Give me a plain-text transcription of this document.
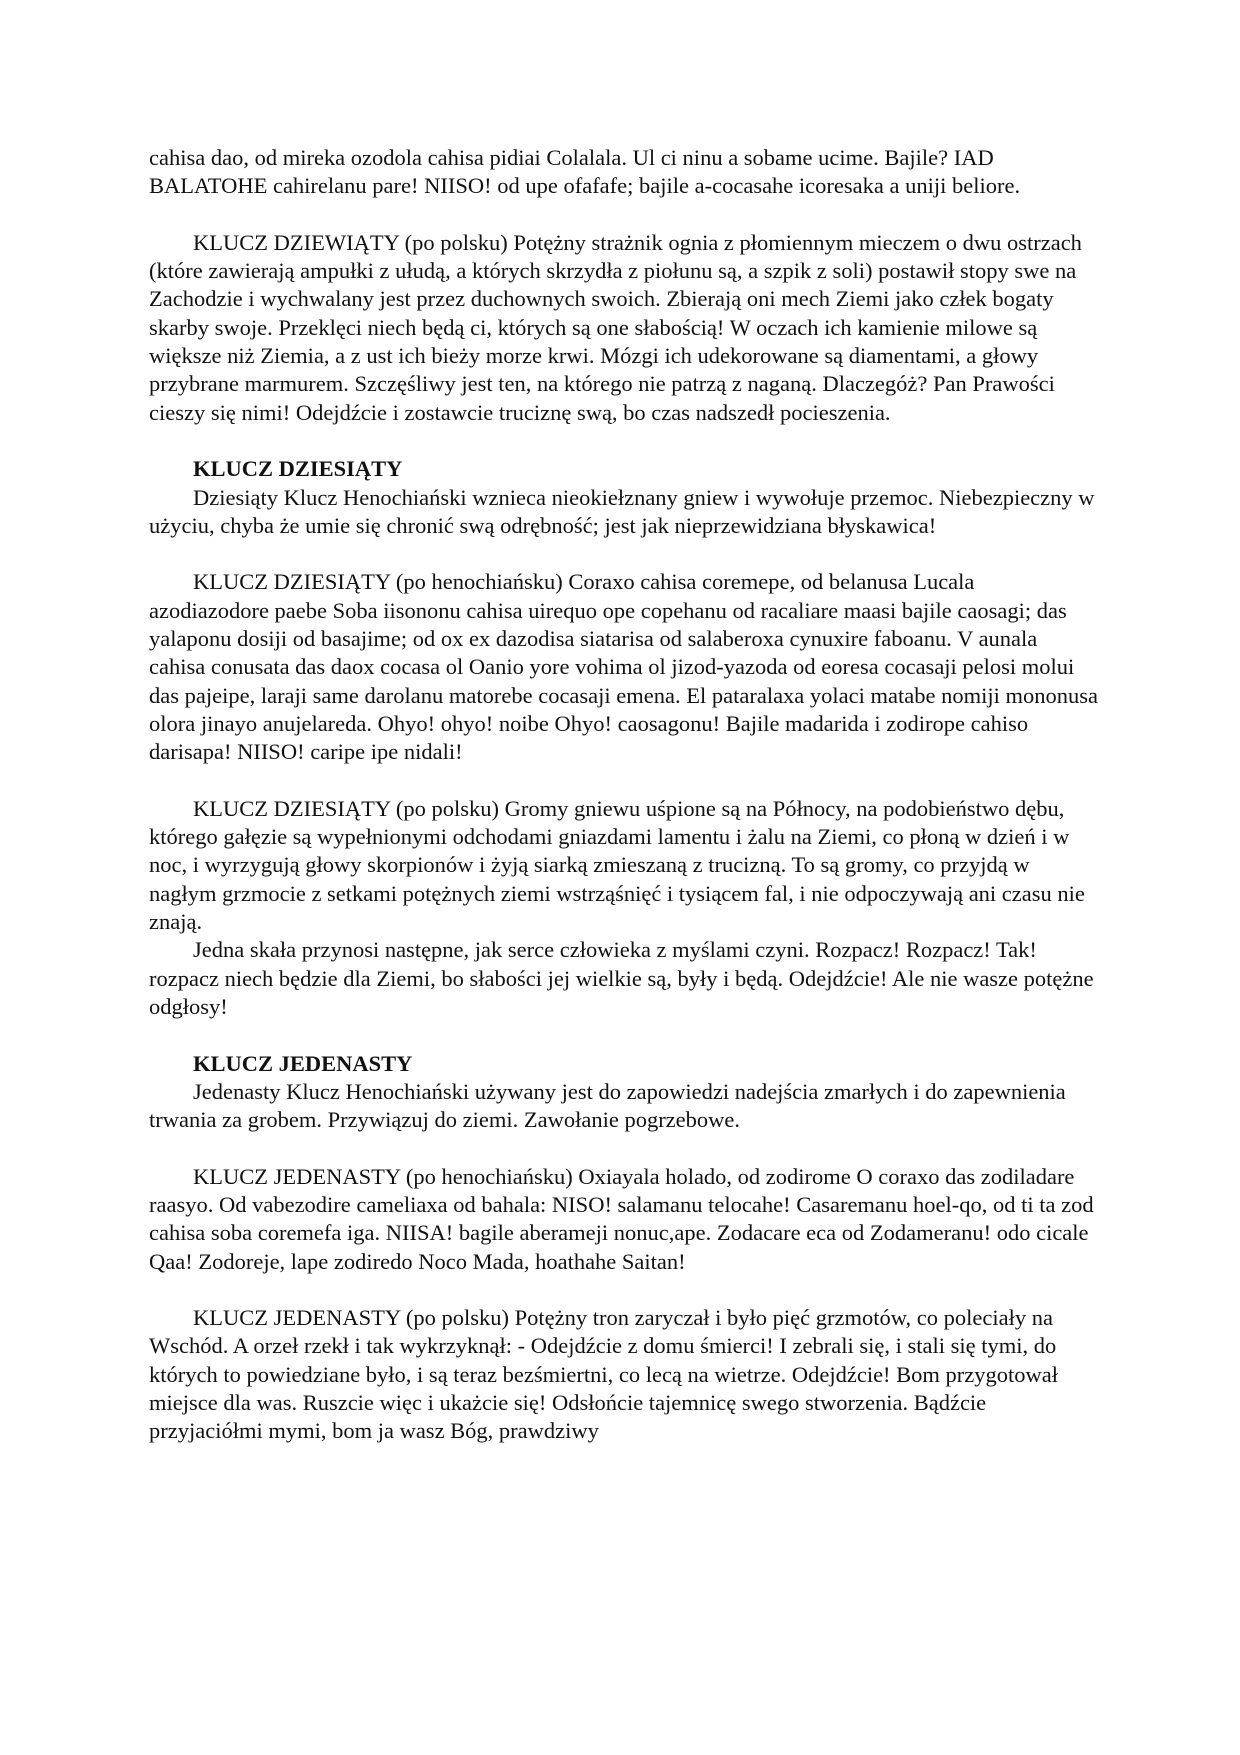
cahisa dao, od mireka ozodola cahisa pidiai Colalala. Ul ci ninu a sobame ucime. Bajile? IAD BALATOHE cahirelanu pare! NIISO! od upe ofafafe; bajile a-cocasahe icoresaka a uniji beliore.

KLUCZ DZIEWIĄTY (po polsku) Potężny strażnik ognia z płomiennym mieczem o dwu ostrzach (które zawierają ampułki z ułudą, a których skrzydła z piołunu są, a szpik z soli) postawił stopy swe na Zachodzie i wychwalany jest przez duchownych swoich. Zbierają oni mech Ziemi jako człek bogaty skarby swoje. Przeklęci niech będą ci, których są one słabością! W oczach ich kamienie milowe są większe niż Ziemia, a z ust ich bieży morze krwi. Mózgi ich udekorowane są diamentami, a głowy przybrane marmurem. Szczęśliwy jest ten, na którego nie patrzą z naganą. Dlaczegóż? Pan Prawości cieszy się nimi! Odejdźcie i zostawcie truciznę swą, bo czas nadszedł pocieszenia.

KLUCZ DZIESIĄTY

Dziesiąty Klucz Henochiański wznieca nieokiełznany gniew i wywołuje przemoc. Niebezpieczny w użyciu, chyba że umie się chronić swą odrębność; jest jak nieprzewidziana błyskawica!

KLUCZ DZIESIĄTY (po henochiańsku) Coraxo cahisa coremepe, od belanusa Lucala azodiazodore paebe Soba iisononu cahisa uirequo ope copehanu od racaliare maasi bajile caosagi; das yalaponu dosiji od basajime; od ox ex dazodisa siatarisa od salaberoxa cynuxire faboanu. V aunala cahisa conusata das daox cocasa ol Oanio yore vohima ol jizod-yazoda od eoresa cocasaji pelosi molui das pajeipe, laraji same darolanu matorebe cocasaji emena. El pataralaxa yolaci matabe nomiji mononusa olora jinayo anujelareda. Ohyo! ohyo! noibe Ohyo! caosagonu! Bajile madarida i zodirope cahiso darisapa! NIISO! caripe ipe nidali!

KLUCZ DZIESIĄTY (po polsku) Gromy gniewu uśpione są na Północy, na podobieństwo dębu, którego gałęzie są wypełnionymi odchodami gniazdami lamentu i żalu na Ziemi, co płoną w dzień i w noc, i wyrzygują głowy skorpionów i żyją siarką zmieszaną z trucizną. To są gromy, co przyjdą w nagłym grzmocie z setkami potężnych ziemi wstrząśnięć i tysiącem fal, i nie odpoczywają ani czasu nie znają.

Jedna skała przynosi następne, jak serce człowieka z myślami czyni. Rozpacz! Rozpacz! Tak! rozpacz niech będzie dla Ziemi, bo słabości jej wielkie są, były i będą. Odejdźcie! Ale nie wasze potężne odgłosy!

KLUCZ JEDENASTY

Jedenasty Klucz Henochiański używany jest do zapowiedzi nadejścia zmarłych i do zapewnienia trwania za grobem. Przywiązuj do ziemi. Zawołanie pogrzebowe.

KLUCZ JEDENASTY (po henochiańsku) Oxiayala holado, od zodirome O coraxo das zodiladare raasyo. Od vabezodire cameliaxa od bahala: NISO! salamanu telocahe! Casaremanu hoel-qo, od ti ta zod cahisa soba coremefa iga. NIISA! bagile aberameji nonuc,ape. Zodacare eca od Zodameranu! odo cicale Qaa! Zodoreje, lape zodiredo Noco Mada, hoathahe Saitan!

KLUCZ JEDENASTY (po polsku) Potężny tron zaryczał i było pięć grzmotów, co poleciały na Wschód. A orzeł rzekł i tak wykrzyknął: - Odejdźcie z domu śmierci! I zebrali się, i stali się tymi, do których to powiedziane było, i są teraz bezśmiertni, co lecą na wietrze. Odejdźcie! Bom przygotował miejsce dla was. Ruszcie więc i ukażcie się! Odsłońcie tajemnicę swego stworzenia. Bądźcie przyjaciółmi mymi, bom ja wasz Bóg, prawdziwy
